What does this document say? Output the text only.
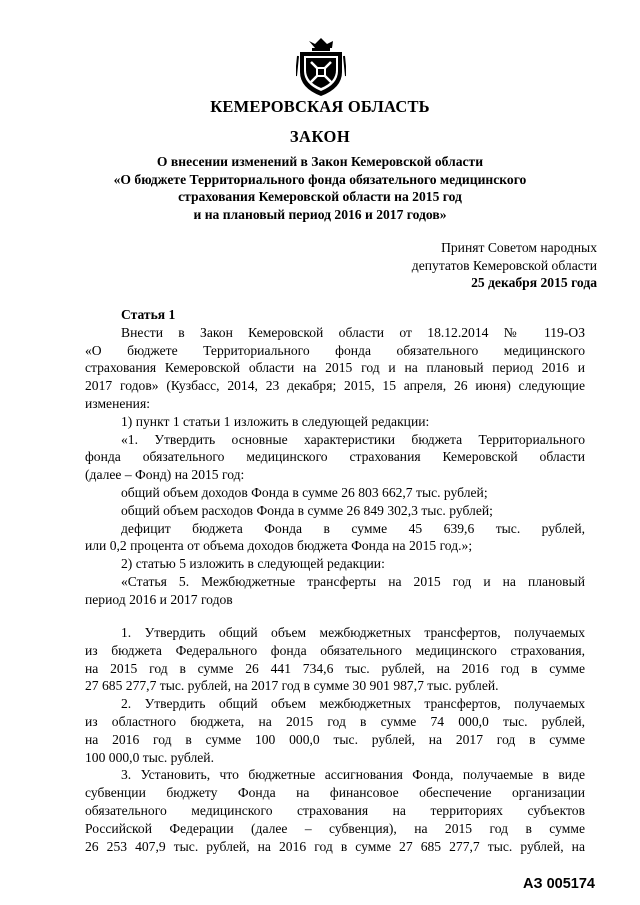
КЕМЕРОВСКАЯ ОБЛАСТЬ
ЗАКОН
О внесении изменений в Закон Кемеровской области
«О бюджете Территориального фонда обязательного медицинского
страхования Кемеровской области на 2015 год
и на плановый период 2016 и 2017 годов»
Принят Советом народных
депутатов Кемеровской области
25 декабря 2015 года

Статья 1

Внести в Закон Кемеровской области от 18.12.2014 № 119-ОЗ

«О бюджете Территориального фонда обязательного медицинского

страхования Кемеровской области на 2015 год и на плановый период 2016 и

2017 годов» (Кузбасс, 2014, 23 декабря; 2015, 15 апреля, 26 июня) следующие

изменения:

1) пункт 1 статьи 1 изложить в следующей редакции:

«1. Утвердить основные характеристики бюджета Территориального

фонда обязательного медицинского страхования Кемеровской области

(далее – Фонд) на 2015 год:

общий объем доходов Фонда в сумме 26 803 662,7 тыс. рублей;

общий объем расходов Фонда в сумме 26 849 302,3 тыс. рублей;

дефицит бюджета Фонда в сумме 45 639,6 тыс. рублей,

или 0,2 процента от объема доходов бюджета Фонда на 2015 год.»;

2) статью 5 изложить в следующей редакции:

«Статья 5. Межбюджетные трансферты на 2015 год и на плановый

период 2016 и 2017 годов

1. Утвердить общий объем межбюджетных трансфертов, получаемых

из бюджета Федерального фонда обязательного медицинского страхования,

на 2015 год в сумме 26 441 734,6 тыс. рублей, на 2016 год в сумме

27 685 277,7 тыс. рублей, на 2017 год в сумме 30 901 987,7 тыс. рублей.

2. Утвердить общий объем межбюджетных трансфертов, получаемых

из областного бюджета, на 2015 год в сумме 74 000,0 тыс. рублей,

на 2016 год в сумме 100 000,0 тыс. рублей, на 2017 год в сумме

100 000,0 тыс. рублей.

3. Установить, что бюджетные ассигнования Фонда, получаемые в виде

субвенции бюджету Фонда на финансовое обеспечение организации

обязательного медицинского страхования на территориях субъектов

Российской Федерации (далее – субвенция), на 2015 год в сумме

26 253 407,9 тыс. рублей, на 2016 год в сумме 27 685 277,7 тыс. рублей, на

АЗ 005174
